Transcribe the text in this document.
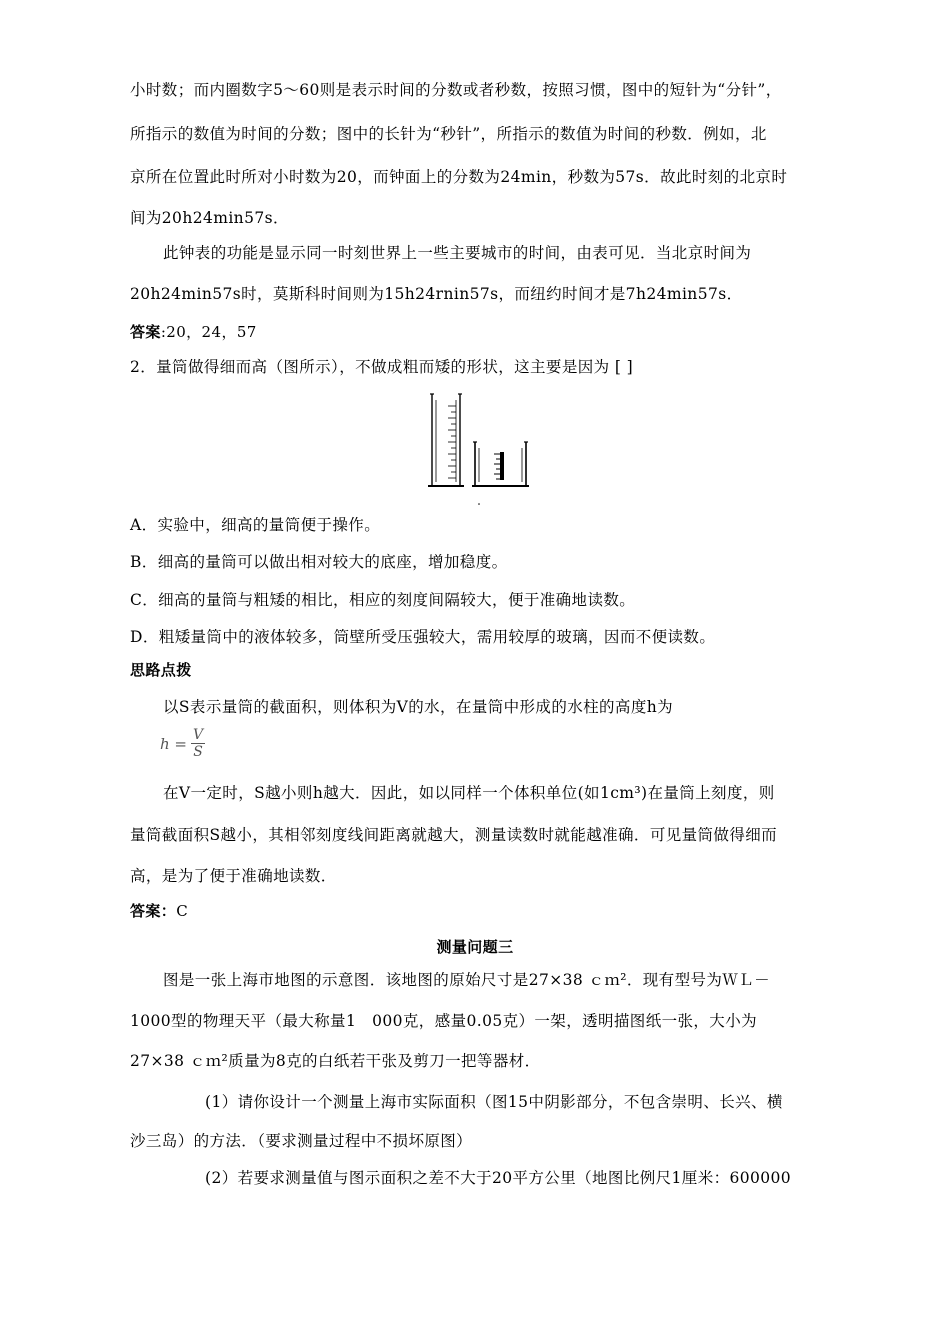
小时数；而内圈数字5～60则是表示时间的分数或者秒数，按照习惯，图中的短针为“分针”，
所指示的数值为时间的分数；图中的长针为“秒针”，所指示的数值为时间的秒数．例如，北
京所在位置此时所对小时数为20，而钟面上的分数为24min，秒数为57s．故此时刻的北京时
间为20h24min57s．
此钟表的功能是显示同一时刻世界上一些主要城市的时间，由表可见．当北京时间为
20h24min57s时，莫斯科时间则为15h24rnin57s，而纽约时间才是7h24min57s．
答案:20，24，57
2．量筒做得细而高（图所示），不做成粗而矮的形状，这主要是因为 [ ]
A．实验中，细高的量筒便于操作。
B．细高的量筒可以做出相对较大的底座，增加稳度。
C．细高的量筒与粗矮的相比，相应的刻度间隔较大，便于准确地读数。
D．粗矮量筒中的液体较多，筒壁所受压强较大，需用较厚的玻璃，因而不便读数。
思路点拨
以S表示量筒的截面积，则体积为V的水，在量筒中形成的水柱的高度h为
$h = \frac{V}{S}$
在V一定时，S越小则h越大．因此，如以同样一个体积单位(如1cm³)在量筒上刻度，则
量筒截面积S越小，其相邻刻度线间距离就越大，测量读数时就能越准确．可见量筒做得细而
高，是为了便于准确地读数．
答案：C
测量问题三
图是一张上海市地图的示意图．该地图的原始尺寸是27×38 ｃｍ²．现有型号为ＷＬ－
1000型的物理天平（最大称量1　000克，感量0.05克）一架，透明描图纸一张，大小为
27×38 ｃｍ²质量为8克的白纸若干张及剪刀一把等器材．
(1）请你设计一个测量上海市实际面积（图15中阴影部分，不包含崇明、长兴、横
沙三岛）的方法．（要求测量过程中不损坏原图）
(2）若要求测量值与图示面积之差不大于20平方公里（地图比例尺1厘米：600000
